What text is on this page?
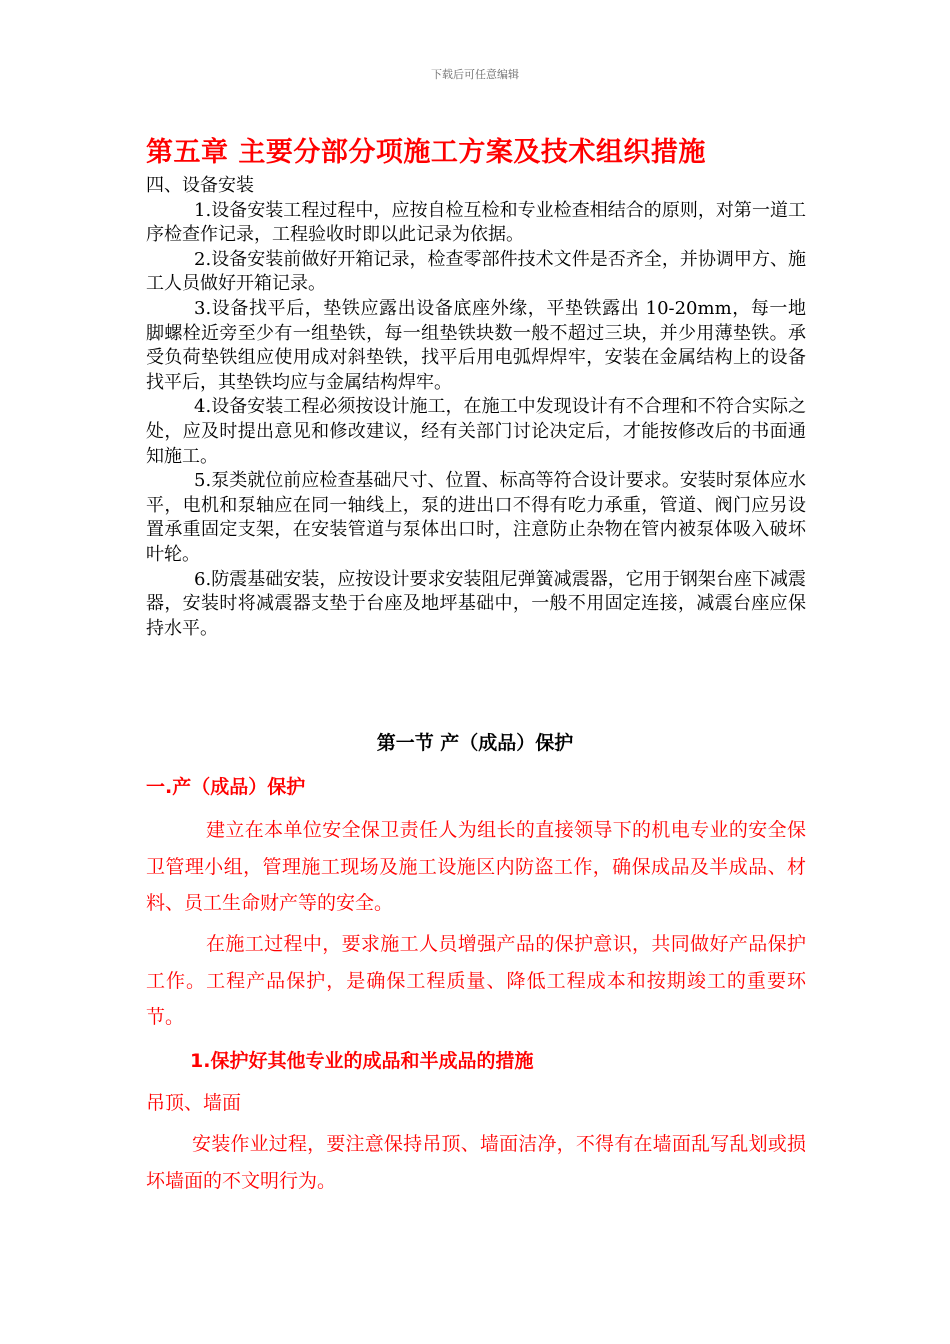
下载后可任意编辑
第五章 主要分部分项施工方案及技术组织措施

四、设备安装

1.设备安装工程过程中，应按自检互检和专业检查相结合的原则，对第一道工序检查作记录，工程验收时即以此记录为依据。

2.设备安装前做好开箱记录，检查零部件技术文件是否齐全，并协调甲方、施工人员做好开箱记录。

3.设备找平后，垫铁应露出设备底座外缘，平垫铁露出 10-20mm，每一地脚螺栓近旁至少有一组垫铁，每一组垫铁块数一般不超过三块，并少用薄垫铁。承受负荷垫铁组应使用成对斜垫铁，找平后用电弧焊焊牢，安装在金属结构上的设备找平后，其垫铁均应与金属结构焊牢。

4.设备安装工程必须按设计施工，在施工中发现设计有不合理和不符合实际之处，应及时提出意见和修改建议，经有关部门讨论决定后，才能按修改后的书面通知施工。

5.泵类就位前应检查基础尺寸、位置、标高等符合设计要求。安装时泵体应水平，电机和泵轴应在同一轴线上，泵的进出口不得有吃力承重，管道、阀门应另设置承重固定支架，在安装管道与泵体出口时，注意防止杂物在管内被泵体吸入破坏叶轮。

6.防震基础安装，应按设计要求安装阻尼弹簧减震器，它用于钢架台座下减震器，安装时将减震器支垫于台座及地坪基础中，一般不用固定连接，减震台座应保持水平。

第一节 产（成品）保护
一.产（成品）保护

建立在本单位安全保卫责任人为组长的直接领导下的机电专业的安全保卫管理小组，管理施工现场及施工设施区内防盗工作，确保成品及半成品、材料、员工生命财产等的安全。

在施工过程中，要求施工人员增强产品的保护意识，共同做好产品保护工作。工程产品保护，是确保工程质量、降低工程成本和按期竣工的重要环节。

1.保护好其他专业的成品和半成品的措施
吊顶、墙面

安装作业过程，要注意保持吊顶、墙面洁净，不得有在墙面乱写乱划或损坏墙面的不文明行为。
